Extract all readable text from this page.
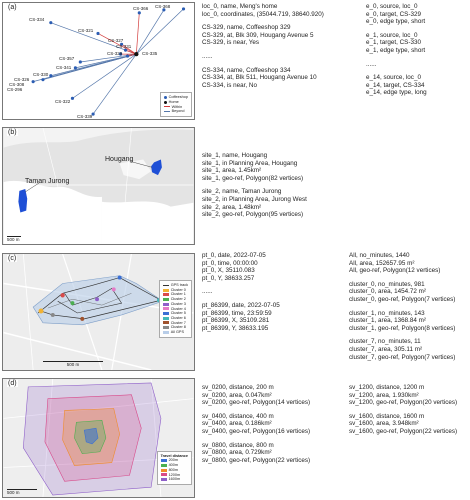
(a)	CS-366 CS-368
CS-334
CS-321
CS-327
CS-331
CS-357
CS-335
CS-329
CS-341
CS-330
CS-326
CS-308
CS-296
CS-322
CS-339
Coffeeshop
Home
Within
Beyond
loc_0, name, Meng's home
loc_0, coordinates, (35044.719, 38640.920)
CS-329, name, Coffeeshop 329
CS-329, at, Blk 309, Hougang Avenue 5
CS-329, is near, Yes
......
CS-334, name, Coffeeshop 334
CS-334, at, Blk 511, Hougang Avenue 10
CS-334, is near, No
e_0, source, loc_0
e_0, target, CS-329
e_0, edge type, short
e_1, source, loc_0
e_1, target, CS-330
e_1, edge type, short
......
e_14, source, loc_0
e_14, target, CS-334
e_14, edge type, long
(b)
Hougang
Taman Jurong
500 m
site_1, name, Hougang
site_1, in Planning Area, Hougang
site_1, area, 1.45km²
site_1, geo-ref, Polygon(82 vertices)
site_2, name, Taman Jurong
site_2, in Planning Area, Jurong West
site_2, area, 1.48km²
site_2, geo-ref, Polygon(95 vertices)
(c)
GPS track
Cluster 0
Cluster 1
Cluster 2
Cluster 3
Cluster 4
Cluster 5
Cluster 6
Cluster 7
Cluster 8
All GPS
500 m
pt_0, date, 2022-07-05
pt_0, time, 00:00:00
pt_0, X, 35110.083
pt_0, Y, 38633.257
......
pt_86399, date, 2022-07-05
pt_86399, time, 23:59:59
pt_86399, X, 35109.281
pt_86399, Y, 38633.195
All, no_minutes, 1440
All, area, 152657.95 m²
All, geo-ref, Polygon(12 vertices)
cluster_0, no_minutes, 981
cluster_0, area, 1454.72 m²
cluster_0, geo-ref, Polygon(7 vertices)
cluster_1, no_minutes, 143
cluster_1, area, 1368.84 m²
cluster_1, geo-ref, Polygon(8 vertices)
cluster_7, no_minutes, 11
cluster_7, area, 305.11 m²
cluster_7, geo-ref, Polygon(7 vertices)
(d)
Travel distance
200m
400m
800m
1200m
1600m
500 m
sv_0200, distance, 200 m
sv_0200, area, 0.047km²
sv_0200, geo-ref, Polygon(14 vertices)
sv_0400, distance, 400 m
sv_0400, area, 0.186km²
sv_0400, geo-ref, Polygon(16 vertices)
sv_0800, distance, 800 m
sv_0800, area, 0.729km²
sv_0800, geo-ref, Polygon(22 vertices)
sv_1200, distance, 1200 m
sv_1200, area, 1.930km²
sv_1200, geo-ref, Polygon(20 vertices)
sv_1600, distance, 1600 m
sv_1600, area, 3.948km²
sv_1600, geo-ref, Polygon(22 vertices)
